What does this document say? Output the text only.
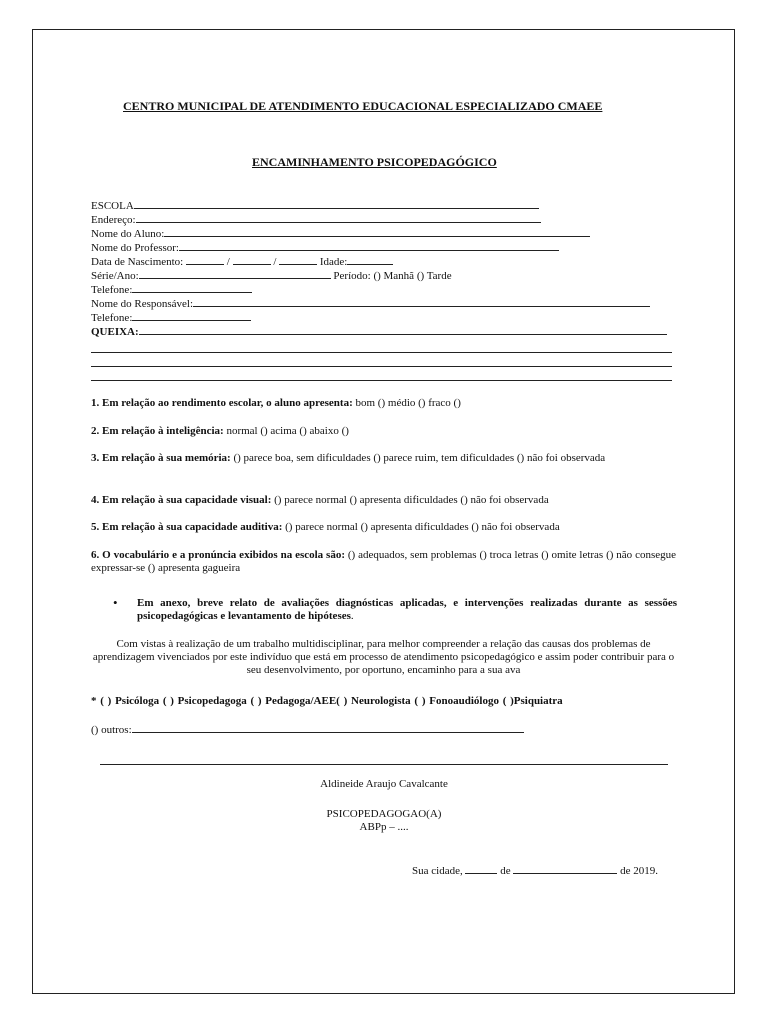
CENTRO MUNICIPAL DE ATENDIMENTO EDUCACIONAL ESPECIALIZADO CMAEE
ENCAMINHAMENTO PSICOPEDAGÓGICO
ESCOLA
Endereço:
Nome do Aluno:
Nome do Professor:
Data de Nascimento:	/	/	Idade:
Série/Ano:	Período: () Manhã () Tarde
Telefone:
Nome do Responsável:
Telefone:
QUEIXA:
1. Em relação ao rendimento escolar, o aluno apresenta: bom () médio () fraco ()
2. Em relação à inteligência: normal () acima () abaixo ()
3. Em relação à sua memória: () parece boa, sem dificuldades () parece ruim, tem dificuldades () não foi observada
4. Em relação à sua capacidade visual: () parece normal () apresenta dificuldades () não foi observada
5. Em relação à sua capacidade auditiva: () parece normal () apresenta dificuldades () não foi observada
6. O vocabulário e a pronúncia exibidos na escola são: () adequados, sem problemas () troca letras () omite letras () não consegue expressar-se () apresenta gagueira
• Em anexo, breve relato de avaliações diagnósticas aplicadas, e intervenções realizadas durante as sessões psicopedagógicas e levantamento de hipóteses.
Com vistas à realização de um trabalho multidisciplinar, para melhor compreender a relação das causas dos problemas de aprendizagem vivenciados por este indivíduo que está em processo de atendimento psicopedagógico e assim poder contribuir para o seu desenvolvimento, por oportuno, encaminho para a sua ava
* ( ) Psicóloga ( ) Psicopedagoga ( ) Pedagoga/AEE( ) Neurologista ( ) Fonoaudiólogo ( )Psiquiatra
() outros:
Aldineide Araujo Cavalcante
PSICOPEDAGOGAO(A)
ABPp – ....
Sua cidade,	de	de 2019.
